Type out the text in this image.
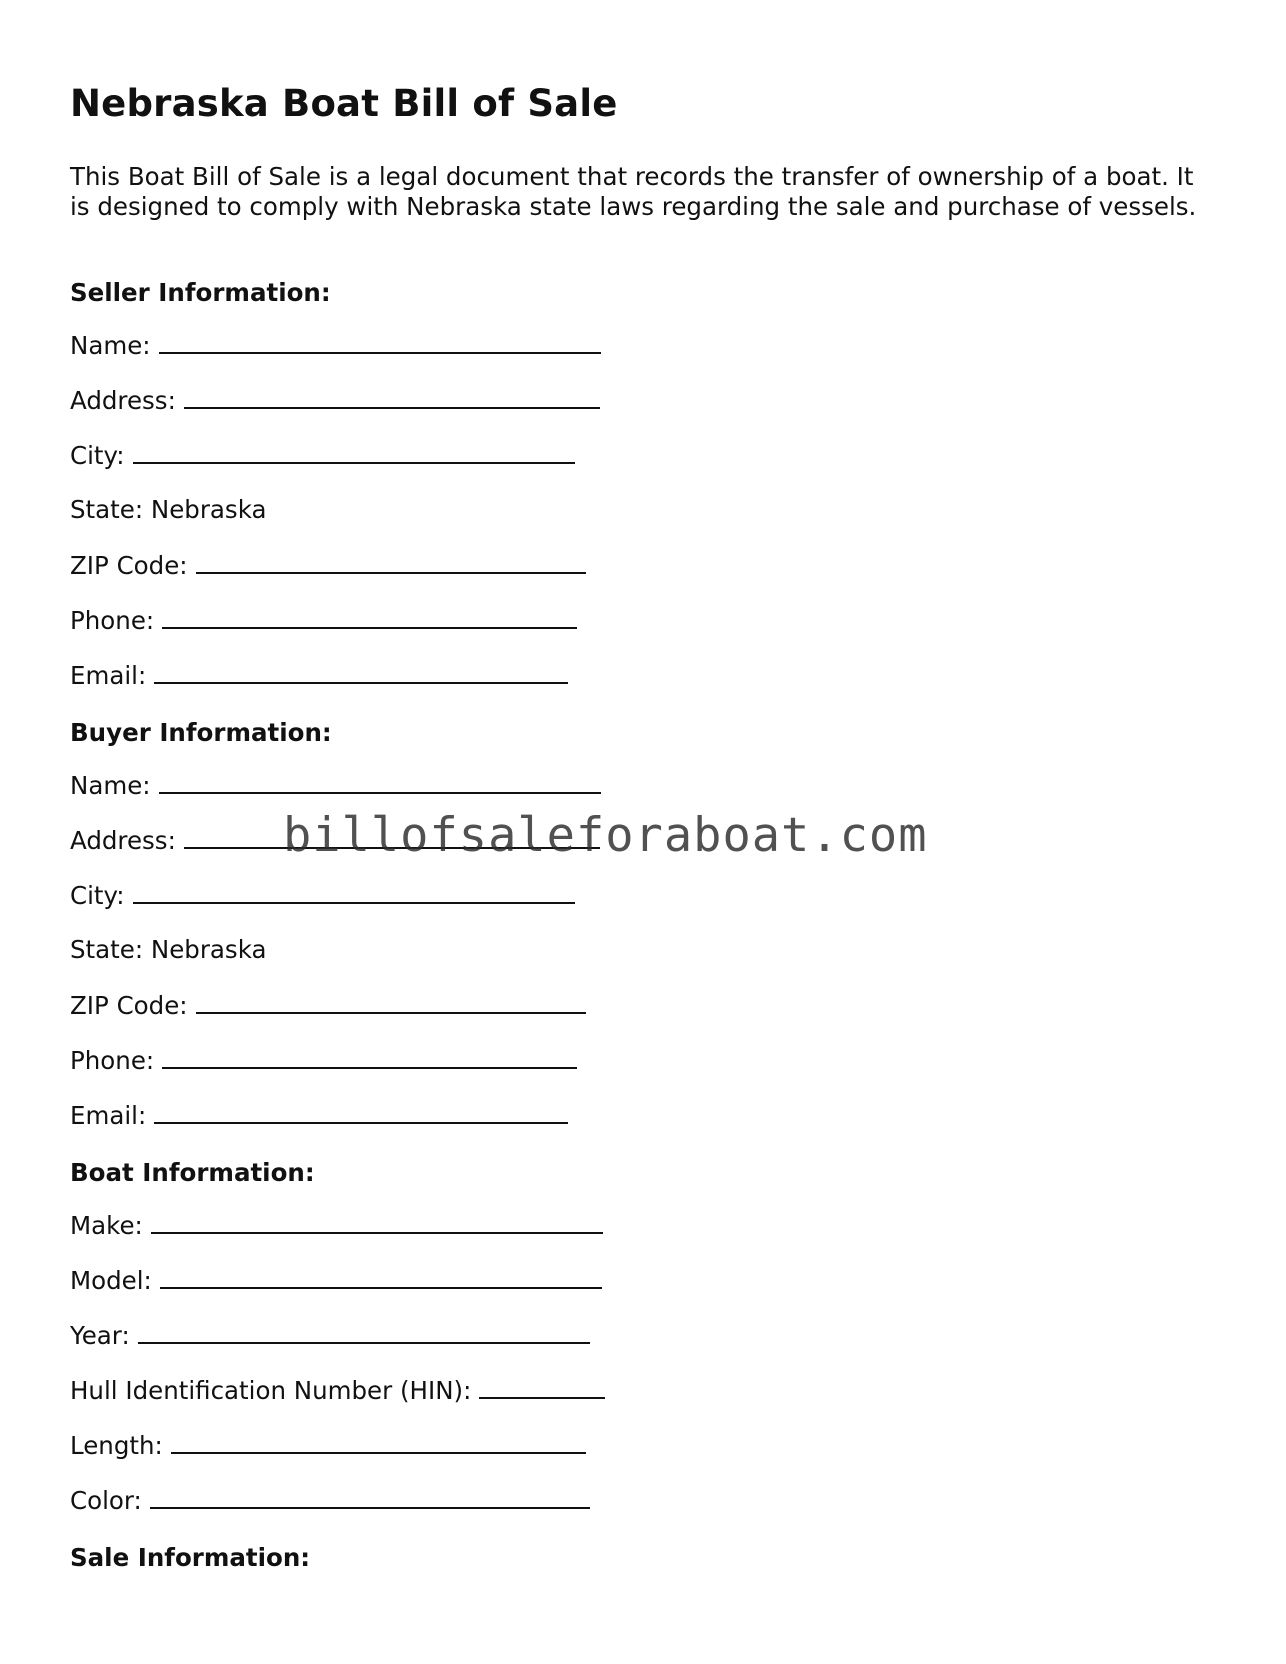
Nebraska Boat Bill of Sale

This Boat Bill of Sale is a legal document that records the transfer of ownership of a boat. It is designed to comply with Nebraska state laws regarding the sale and purchase of vessels.

Seller Information:
Name:
Address:
City:
State: Nebraska
ZIP Code:
Phone:
Email:
Buyer Information:
Name:
Address:
City:
State: Nebraska
ZIP Code:
Phone:
Email:
Boat Information:
Make:
Model:
Year:
Hull Identification Number (HIN):
Length:
Color:
Sale Information:
billofsaleforaboat.com
